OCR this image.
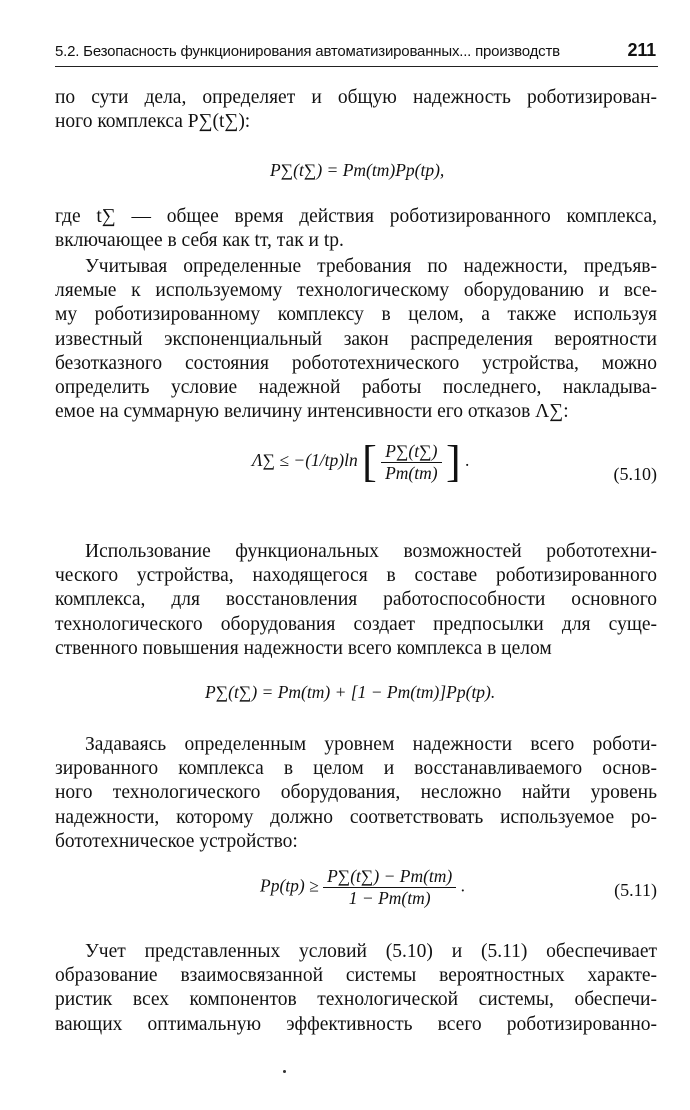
5.2. Безопасность функционирования автоматизированных... производств	211
по сути дела, определяет и общую надежность роботизирован-
ного комплекса P∑(t∑):
P∑(t∑) = Pт(tт)Pр(tр),
где t∑ — общее время действия роботизированного комплекса,
включающее в себя как tт, так и tр.
Учитывая определенные требования по надежности, предъяв-
ляемые к используемому технологическому оборудованию и все-
му роботизированному комплексу в целом, а также используя
известный экспоненциальный закон распределения вероятности
безотказного состояния робототехнического устройства, можно
определить условие надежной работы последнего, накладыва-
емое на суммарную величину интенсивности его отказов Λ∑:
Λ∑ ≤ −(1/tр)ln [ $\frac{P\sum(t\sum)}{Pт(tт)}$ ] .
(5.10)
Использование функциональных возможностей робототехни-
ческого устройства, находящегося в составе роботизированного
комплекса, для восстановления работоспособности основного
технологического оборудования создает предпосылки для суще-
ственного повышения надежности всего комплекса в целом
P∑(t∑) = Pт(tт) + [1 − Pт(tт)]Pр(tр).
Задаваясь определенным уровнем надежности всего роботи-
зированного комплекса в целом и восстанавливаемого основ-
ного технологического оборудования, несложно найти уровень
надежности, которому должно соответствовать используемое ро-
бототехническое устройство:
$Pр(tр) \ge \frac{P\sum(t\sum) - Pт(tт)}{1 - Pт(tт)}$ .	(5.11)
Учет представленных условий (5.10) и (5.11) обеспечивает
образование взаимосвязанной системы вероятностных характе-
ристик всех компонентов технологической системы, обеспечи-
вающих оптимальную эффективность всего роботизированно-
